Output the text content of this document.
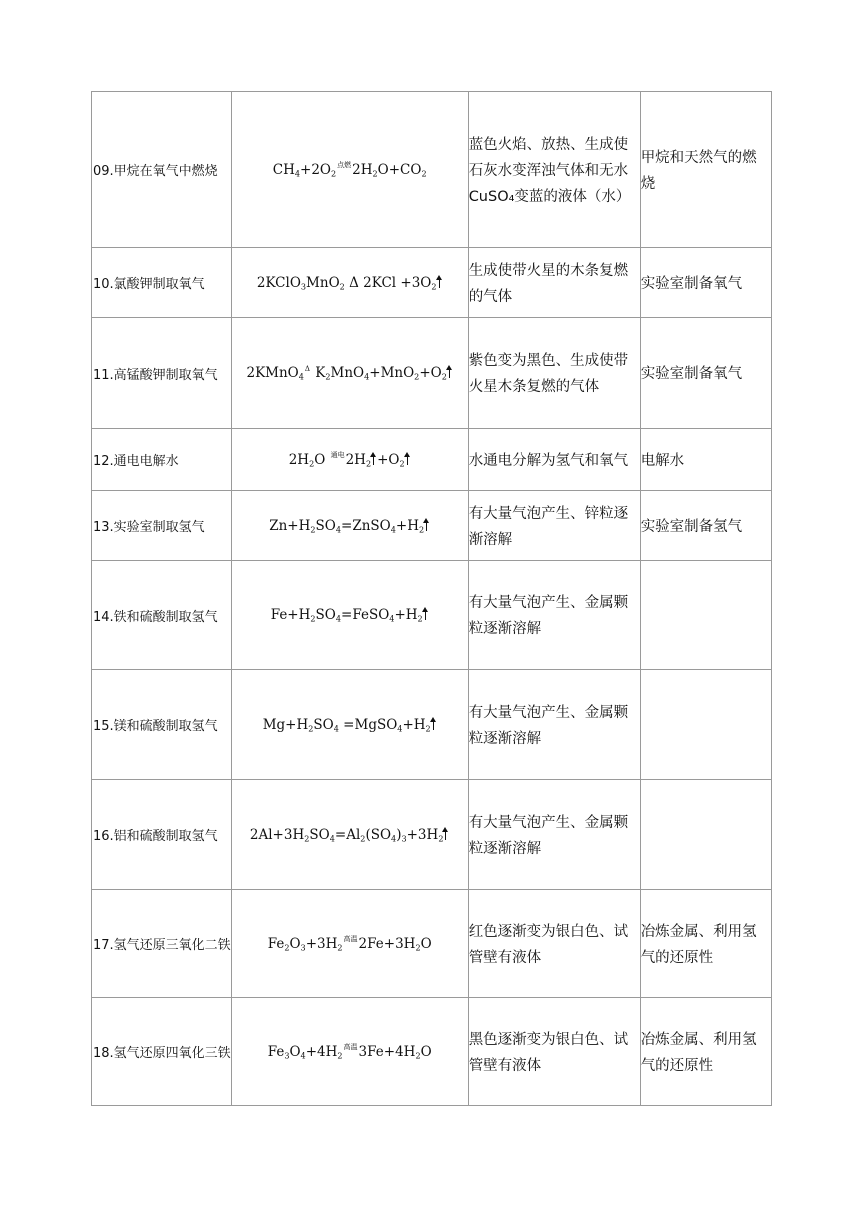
09.甲烷在氧气中燃烧	$CH_4+2O_2^{点燃}2H_2O+CO_2$	蓝色火焰、放热、生成使石灰水变浑浊气体和无水CuSO₄变蓝的液体（水）	甲烷和天然气的燃烧

10.氯酸钾制取氧气	2KClO$_3$MnO$_2$ Δ $2KCl +3O_2$	生成使带火星的木条复燃的气体	实验室制备氧气

11.高锰酸钾制取氧气	2KMnO$_4^\Delta$ $K_2MnO_4+MnO_2+O_2$	紫色变为黑色、生成使带火星木条复燃的气体	实验室制备氧气

12.通电电解水	$2H_2O$ $^{通电}2H_2 +O_2$	水通电分解为氢气和氧气	电解水

13.实验室制取氢气	$Zn+H_2SO_4=ZnSO_4+H_2$	有大量气泡产生、锌粒逐渐溶解	实验室制备氢气

14.铁和硫酸制取氢气	$Fe+H_2SO_4=FeSO_4+H_2$	有大量气泡产生、金属颗粒逐渐溶解	

15.镁和硫酸制取氢气	$Mg+H_2SO_4$ $=MgSO_4+H_2$	有大量气泡产生、金属颗粒逐渐溶解	

16.铝和硫酸制取氢气	$2Al+3H_2SO_4=Al_2(SO_4)_3+3H_2$	有大量气泡产生、金属颗粒逐渐溶解	

17.氢气还原三氧化二铁	$Fe_2O_3+3H_2^{高温}2Fe+3H_2O$	红色逐渐变为银白色、试管壁有液体	冶炼金属、利用氢气的还原性

18.氢气还原四氧化三铁	$Fe_3O_4+4H_2^{高温}3Fe+4H_2O$	黑色逐渐变为银白色、试管壁有液体	冶炼金属、利用氢气的还原性
